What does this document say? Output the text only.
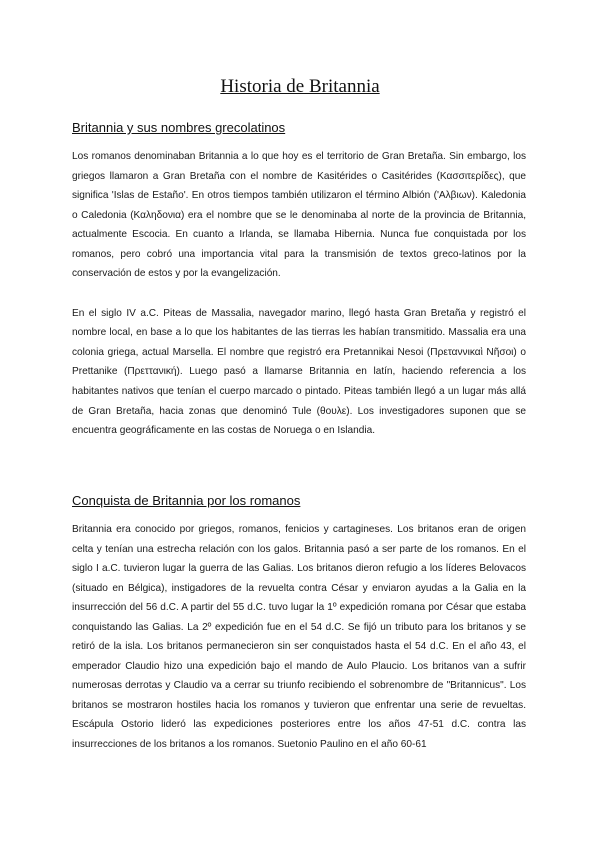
Historia de Britannia
Britannia y sus nombres grecolatinos

Los romanos denominaban Britannia a lo que hoy es el territorio de Gran Bretaña. Sin embargo, los griegos llamaron a Gran Bretaña con el nombre de Kasitérides o Casitérides (Κασσιτερίδες), que significa 'Islas de Estaño'. En otros tiempos también utilizaron el término Albión ('Αλβιων). Kaledonia o Caledonia (Καληδονια) era el nombre que se le denominaba al norte de la provincia de Britannia, actualmente Escocia. En cuanto a Irlanda, se llamaba Hibernia. Nunca fue conquistada por los romanos, pero cobró una importancia vital para la transmisión de textos greco-latinos por la conservación de estos y por la evangelización.

En el siglo IV a.C. Piteas de Massalia, navegador marino, llegó hasta Gran Bretaña y registró el nombre local, en base a lo que los habitantes de las tierras les habían transmitido. Massalia era una colonia griega, actual Marsella. El nombre que registró era Pretannikai Nesoi (Πρεταννικαὶ Νῆσοι) o Prettanike (Πρεττανική). Luego pasó a llamarse Britannia en latín, haciendo referencia a los habitantes nativos que tenían el cuerpo marcado o pintado. Piteas también llegó a un lugar más allá de Gran Bretaña, hacia zonas que denominó Tule (θουλε). Los investigadores suponen que se encuentra geográficamente en las costas de Noruega o en Islandia.

Conquista de Britannia por los romanos

Britannia era conocido por griegos, romanos, fenicios y cartagineses. Los britanos eran de origen celta y tenían una estrecha relación con los galos. Britannia pasó a ser parte de los romanos. En el siglo I a.C. tuvieron lugar la guerra de las Galias. Los britanos dieron refugio a los líderes Belovacos (situado en Bélgica), instigadores de la revuelta contra César y enviaron ayudas a la Galia en la insurrección del 56 d.C. A partir del 55 d.C. tuvo lugar la 1º expedición romana por César que estaba conquistando las Galias. La 2º expedición fue en el 54 d.C. Se fijó un tributo para los britanos y se retiró de la isla. Los britanos permanecieron sin ser conquistados hasta el 54 d.C. En el año 43, el emperador Claudio hizo una expedición bajo el mando de Aulo Plaucio. Los britanos van a sufrir numerosas derrotas y Claudio va a cerrar su triunfo recibiendo el sobrenombre de "Britannicus". Los britanos se mostraron hostiles hacia los romanos y tuvieron que enfrentar una serie de revueltas. Escápula Ostorio lideró las expediciones posteriores entre los años 47-51 d.C. contra las insurrecciones de los britanos a los romanos. Suetonio Paulino en el año 60-61
